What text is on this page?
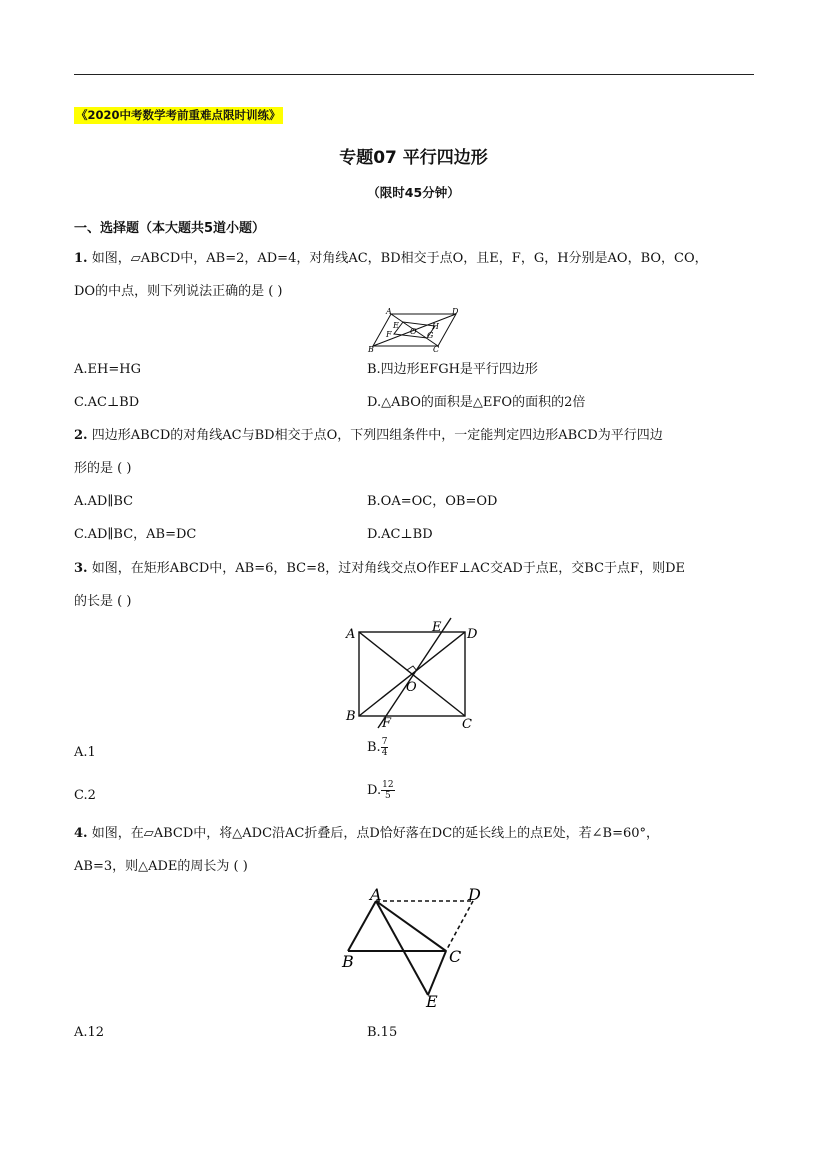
《2020中考数学考前重难点限时训练》
专题07 平行四边形
（限时45分钟）
一、选择题（本大题共5道小题）
1. 如图，▱ABCD中，AB=2，AD=4，对角线AC，BD相交于点O，且E，F，G，H分别是AO，BO，CO，
DO的中点，则下列说法正确的是 ( )
A	D
B	C
E
F	G
H
O
A.EH=HG	B.四边形EFGH是平行四边形
C.AC⊥BD	D.△ABO的面积是△EFO的面积的2倍
2. 四边形ABCD的对角线AC与BD相交于点O，下列四组条件中，一定能判定四边形ABCD为平行四边
形的是 ( )
A.AD∥BC	B.OA=OC，OB=OD
C.AD∥BC，AB=DC	D.AC⊥BD
3. 如图，在矩形ABCD中，AB=6，BC=8，过对角线交点O作EF⊥AC交AD于点E，交BC于点F，则DE
的长是 ( )
A	D
B
C
E
F
O
A.1	B. $\frac{7}{4}$
C.2	D. $\frac{12}{5}$
4. 如图，在▱ABCD中，将△ADC沿AC折叠后，点D恰好落在DC的延长线上的点E处，若∠B=60°，
AB=3，则△ADE的周长为 ( )
A	D
B	C
E
A.12	B.15
